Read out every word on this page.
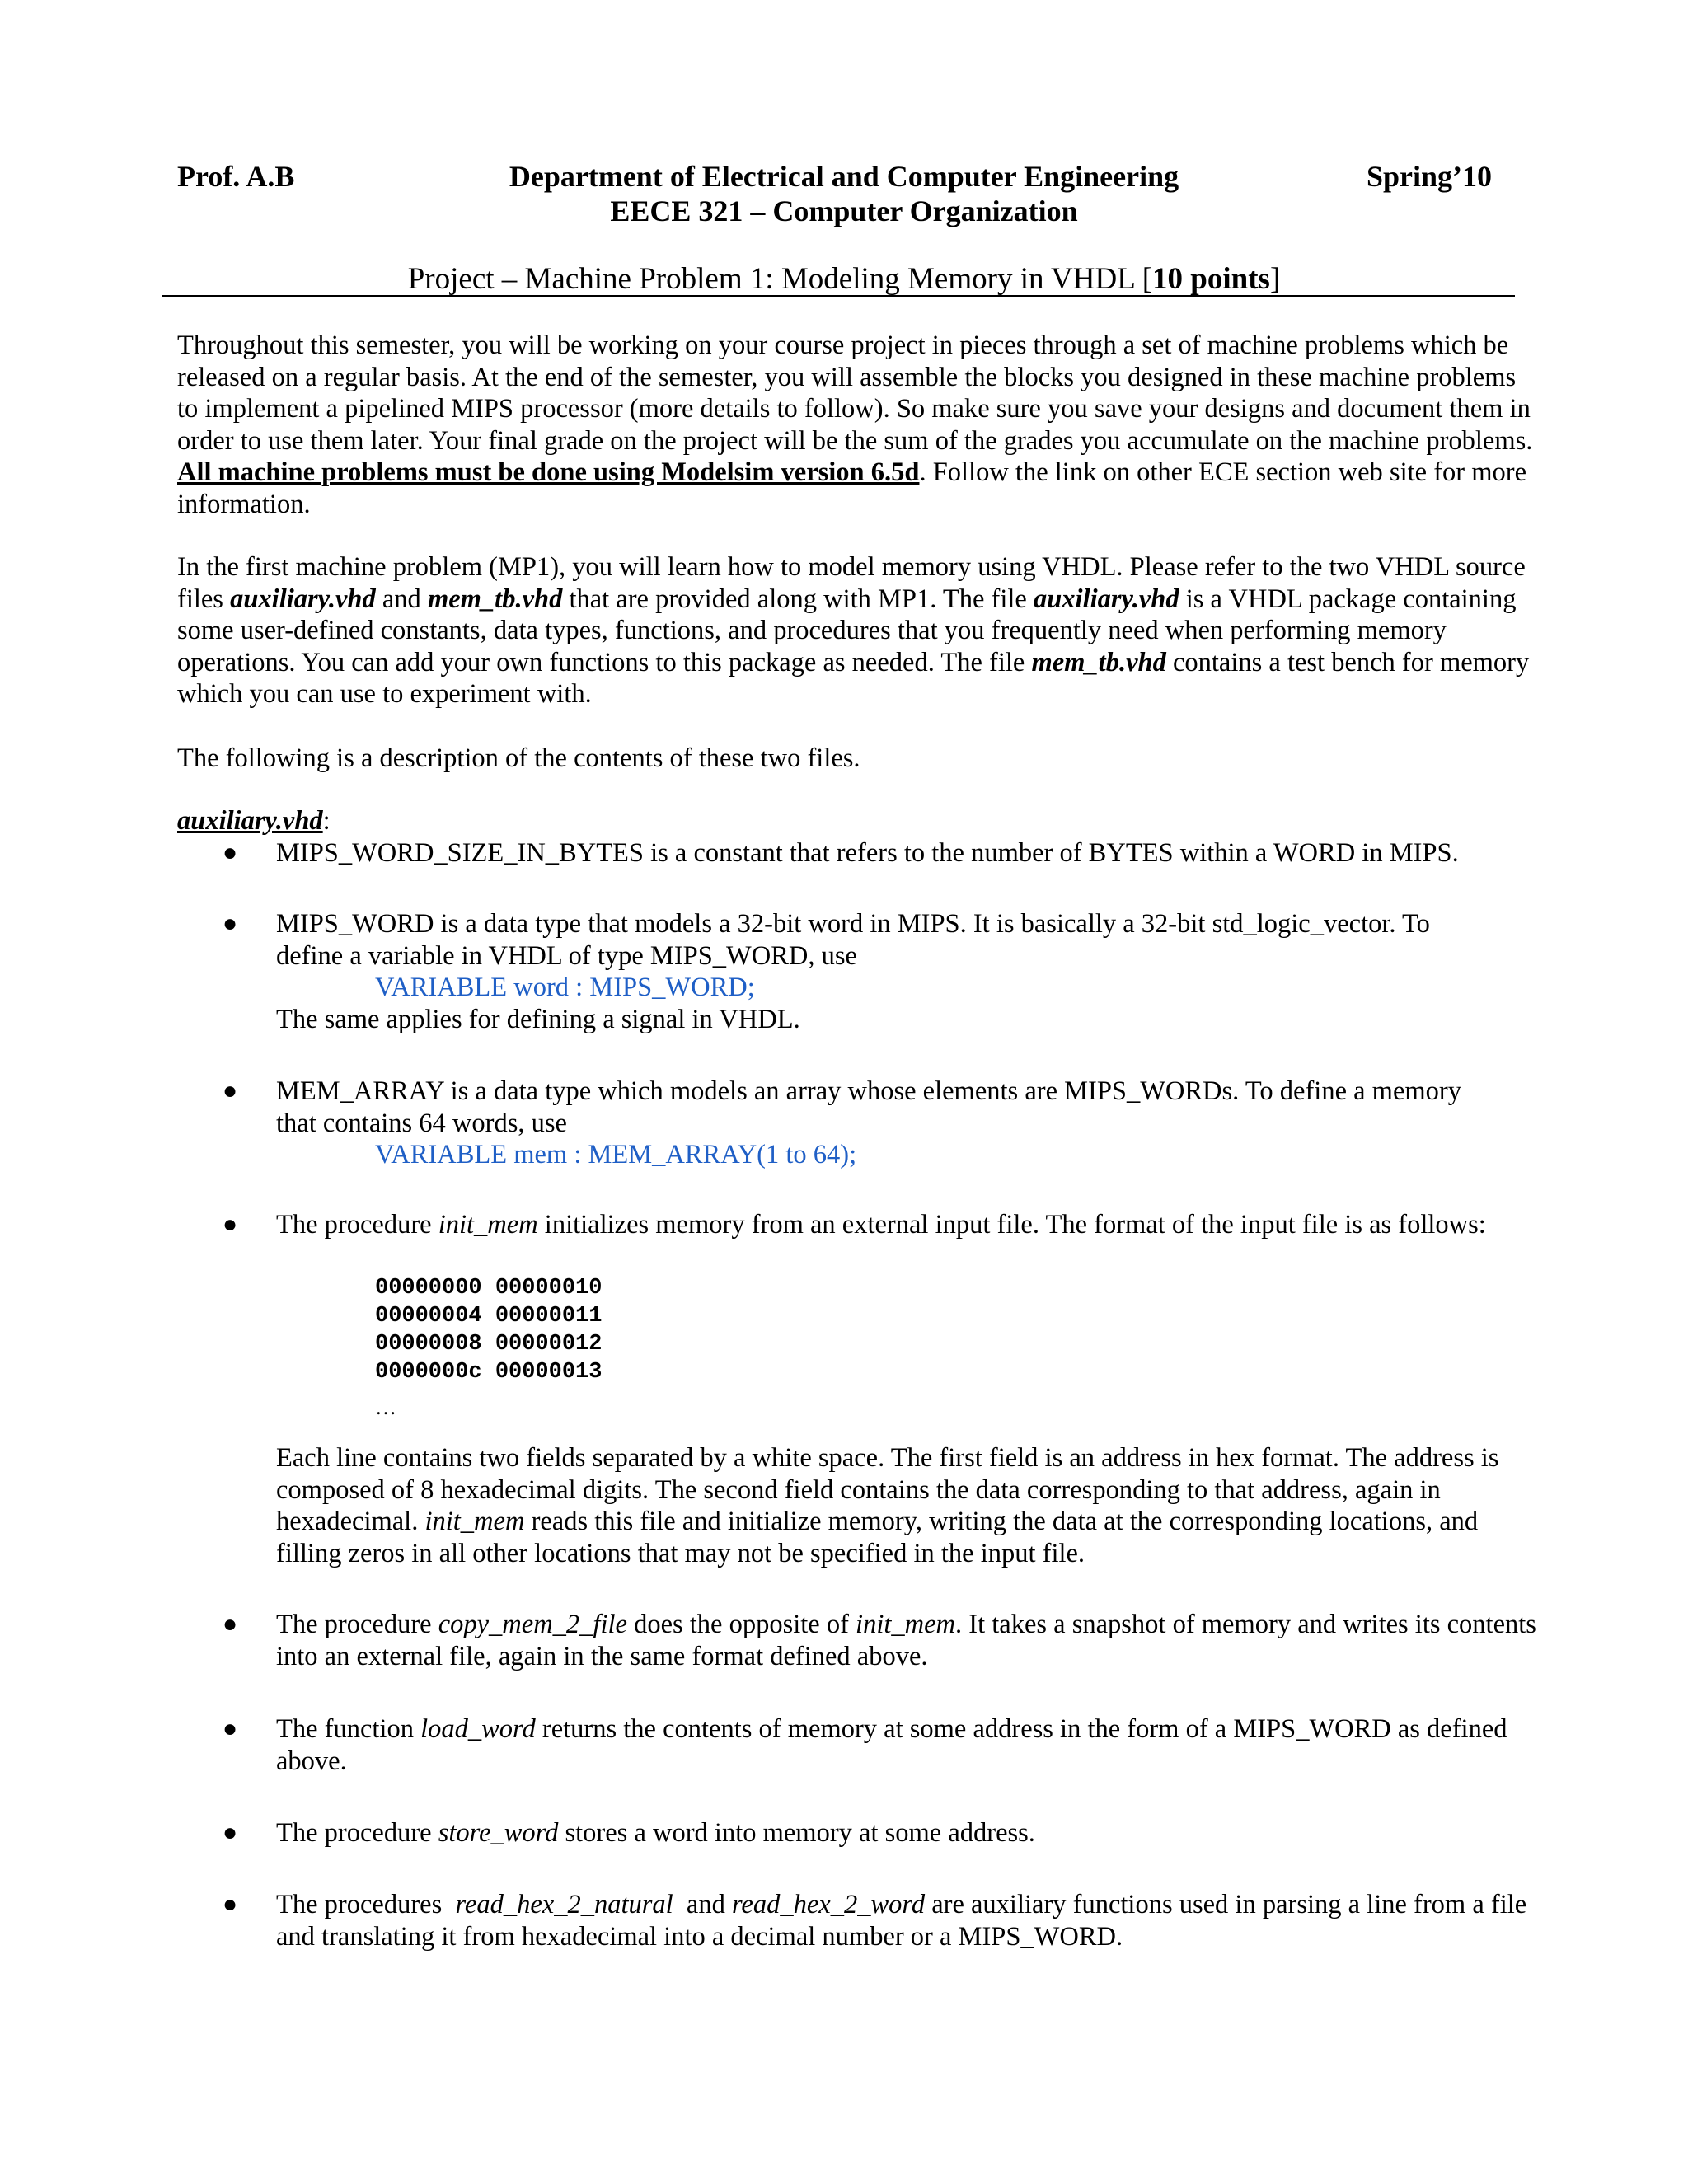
Prof. A.B	Department of Electrical and Computer Engineering	Spring’10
EECE 321 – Computer Organization
Project – Machine Problem 1: Modeling Memory in VHDL [10 points]

Throughout this semester, you will be working on your course project in pieces through a set of machine problems which be released on a regular basis. At the end of the semester, you will assemble the blocks you designed in these machine problems to implement a pipelined MIPS processor (more details to follow). So make sure you save your designs and document them in order to use them later. Your final grade on the project will be the sum of the grades you accumulate on the machine problems. All machine problems must be done using Modelsim version 6.5d. Follow the link on other ECE section web site for more information.

In the first machine problem (MP1), you will learn how to model memory using VHDL. Please refer to the two VHDL source files auxiliary.vhd and mem_tb.vhd that are provided along with MP1. The file auxiliary.vhd is a VHDL package containing some user-defined constants, data types, functions, and procedures that you frequently need when performing memory operations. You can add your own functions to this package as needed. The file mem_tb.vhd contains a test bench for memory which you can use to experiment with.

The following is a description of the contents of these two files.

auxiliary.vhd:
● MIPS_WORD_SIZE_IN_BYTES is a constant that refers to the number of BYTES within a WORD in MIPS.
● MIPS_WORD is a data type that models a 32-bit word in MIPS. It is basically a 32-bit std_logic_vector. To
define a variable in VHDL of type MIPS_WORD, use
VARIABLE word : MIPS_WORD;
The same applies for defining a signal in VHDL.
● MEM_ARRAY is a data type which models an array whose elements are MIPS_WORDs. To define a memory
that contains 64 words, use
VARIABLE mem : MEM_ARRAY(1 to 64);
● The procedure init_mem initializes memory from an external input file. The format of the input file is as follows:
00000000 00000010
00000004 00000011
00000008 00000012
0000000c 00000013
…
Each line contains two fields separated by a white space. The first field is an address in hex format. The address is composed of 8 hexadecimal digits. The second field contains the data corresponding to that address, again in hexadecimal. init_mem reads this file and initialize memory, writing the data at the corresponding locations, and filling zeros in all other locations that may not be specified in the input file.
● The procedure copy_mem_2_file does the opposite of init_mem. It takes a snapshot of memory and writes its contents into an external file, again in the same format defined above.
● The function load_word returns the contents of memory at some address in the form of a MIPS_WORD as defined above.
● The procedure store_word stores a word into memory at some address.
● The procedures  read_hex_2_natural  and read_hex_2_word are auxiliary functions used in parsing a line from a file and translating it from hexadecimal into a decimal number or a MIPS_WORD.
